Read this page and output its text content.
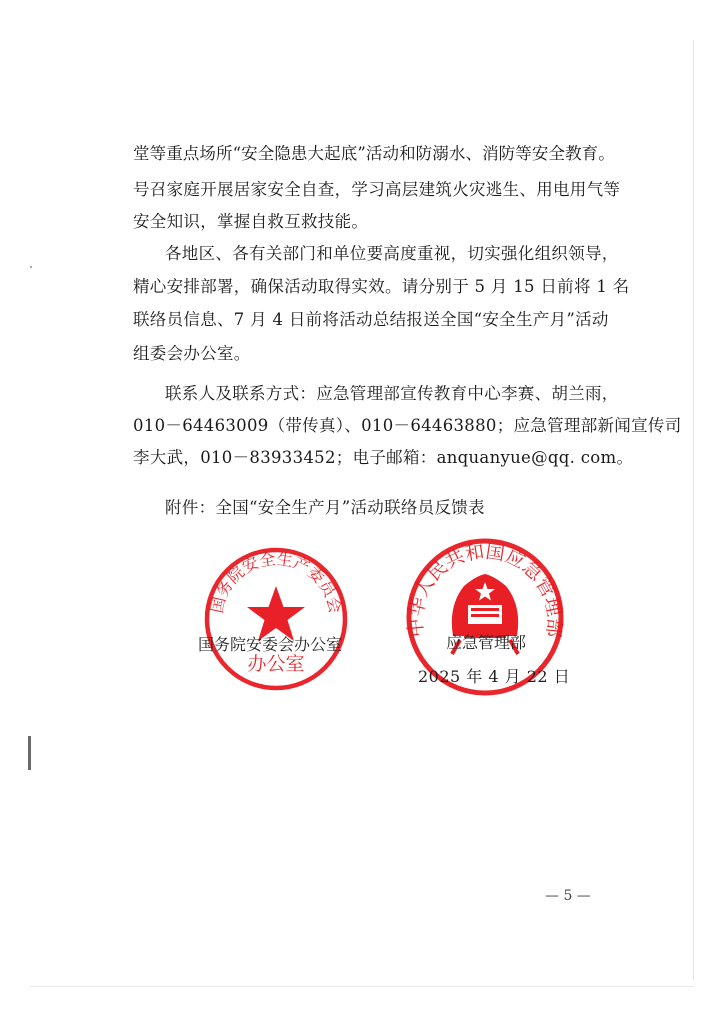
堂等重点场所“安全隐患大起底”活动和防溺水、消防等安全教育。
号召家庭开展居家安全自查，学习高层建筑火灾逃生、用电用气等
安全知识，掌握自救互救技能。
各地区、各有关部门和单位要高度重视，切实强化组织领导，
精心安排部署，确保活动取得实效。请分别于 5 月 15 日前将 1 名
联络员信息、7 月 4 日前将活动总结报送全国“安全生产月”活动
组委会办公室。
联系人及联系方式：应急管理部宣传教育中心李赛、胡兰雨，
010－64463009（带传真）、010－64463880；应急管理部新闻宣传司
李大武，010－83933452；电子邮箱：anquanyue@qq. com。
附件：全国“安全生产月”活动联络员反馈表
国务院安全生产委员会
办公室
中华人民共和国应急管理部
国务院安委会办公室	应急管理部
2025 年 4 月 22 日
— 5 —
